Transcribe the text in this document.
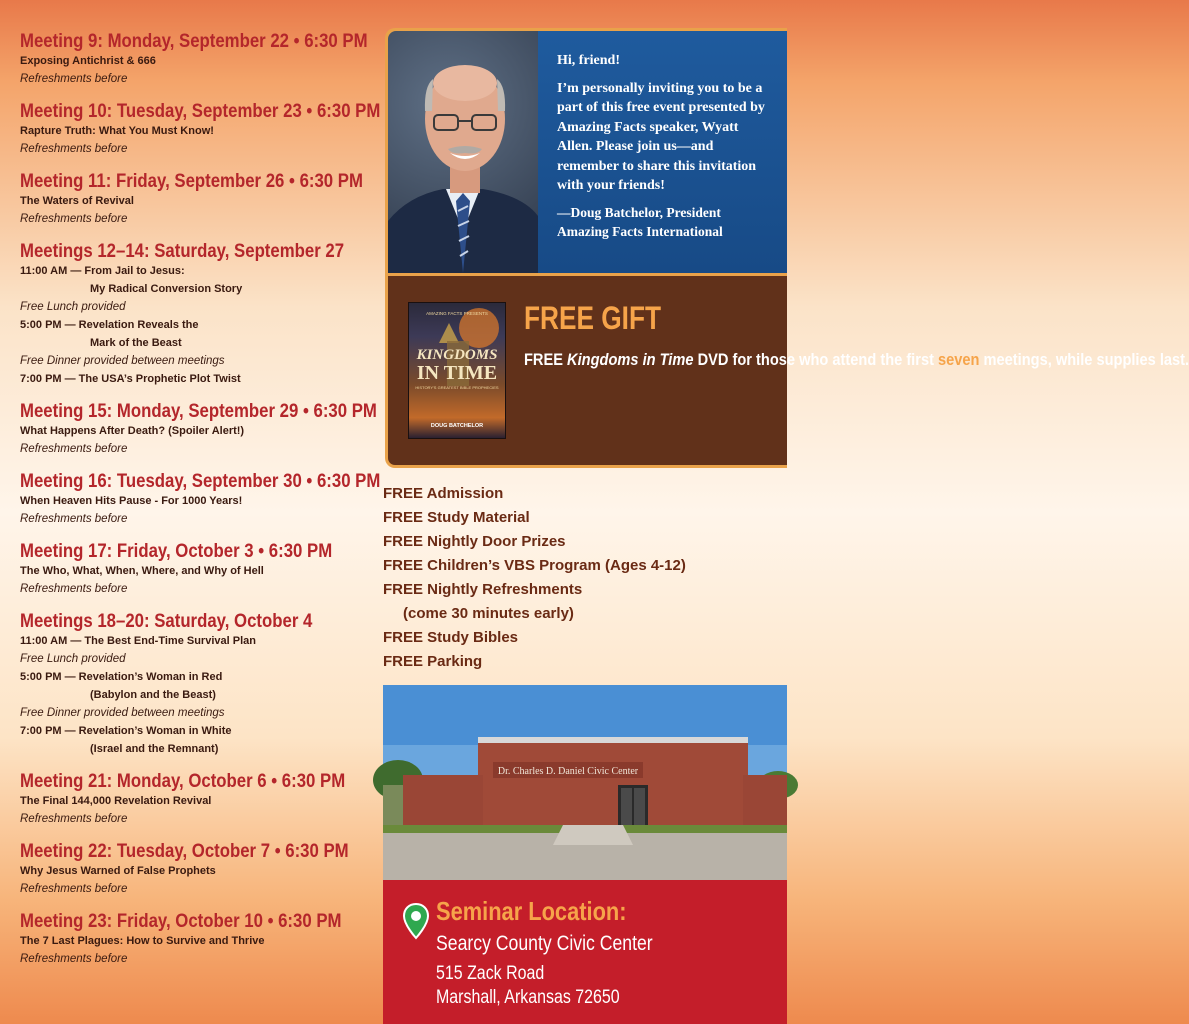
Meeting 9: Monday, September 22 • 6:30 PM
Exposing Antichrist & 666
Refreshments before
Meeting 10: Tuesday, September 23 • 6:30 PM
Rapture Truth: What You Must Know!
Refreshments before
Meeting 11: Friday, September 26 • 6:30 PM
The Waters of Revival
Refreshments before
Meetings 12–14: Saturday, September 27
11:00 AM — From Jail to Jesus:
My Radical Conversion Story
Free Lunch provided
5:00 PM — Revelation Reveals the
Mark of the Beast
Free Dinner provided between meetings
7:00 PM — The USA’s Prophetic Plot Twist
Meeting 15: Monday, September 29 • 6:30 PM
What Happens After Death? (Spoiler Alert!)
Refreshments before
Meeting 16: Tuesday, September 30 • 6:30 PM
When Heaven Hits Pause - For 1000 Years!
Refreshments before
Meeting 17: Friday, October 3 • 6:30 PM
The Who, What, When, Where, and Why of Hell
Refreshments before
Meetings 18–20: Saturday, October 4
11:00 AM — The Best End-Time Survival Plan
Free Lunch provided
5:00 PM — Revelation’s Woman in Red
(Babylon and the Beast)
Free Dinner provided between meetings
7:00 PM — Revelation’s Woman in White
(Israel and the Remnant)
Meeting 21: Monday, October 6 • 6:30 PM
The Final 144,000 Revelation Revival
Refreshments before
Meeting 22: Tuesday, October 7 • 6:30 PM
Why Jesus Warned of False Prophets
Refreshments before
Meeting 23: Friday, October 10 • 6:30 PM
The 7 Last Plagues: How to Survive and Thrive
Refreshments before

Hi, friend!

I’m personally inviting you to be a part of this free event presented by Amazing Facts speaker, Wyatt Allen. Please join us—and remember to share this invitation with your friends!

—Doug Batchelor, President

Amazing Facts International

AMAZING FACTS PRESENTS
KINGDOMS
IN TIME
HISTORY'S GREATEST BIBLE PROPHECIES
DOUG BATCHELOR
FREE GIFT
FREE Kingdoms in Time DVD for those who attend the first seven meetings, while supplies last.
FREE Admission
FREE Study Material
FREE Nightly Door Prizes
FREE Children’s VBS Program (Ages 4-12)
FREE Nightly Refreshments
(come 30 minutes early)
FREE Study Bibles
FREE Parking
Dr. Charles D. Daniel Civic Center
Seminar Location:
Searcy County Civic Center
515 Zack Road
Marshall, Arkansas 72650
